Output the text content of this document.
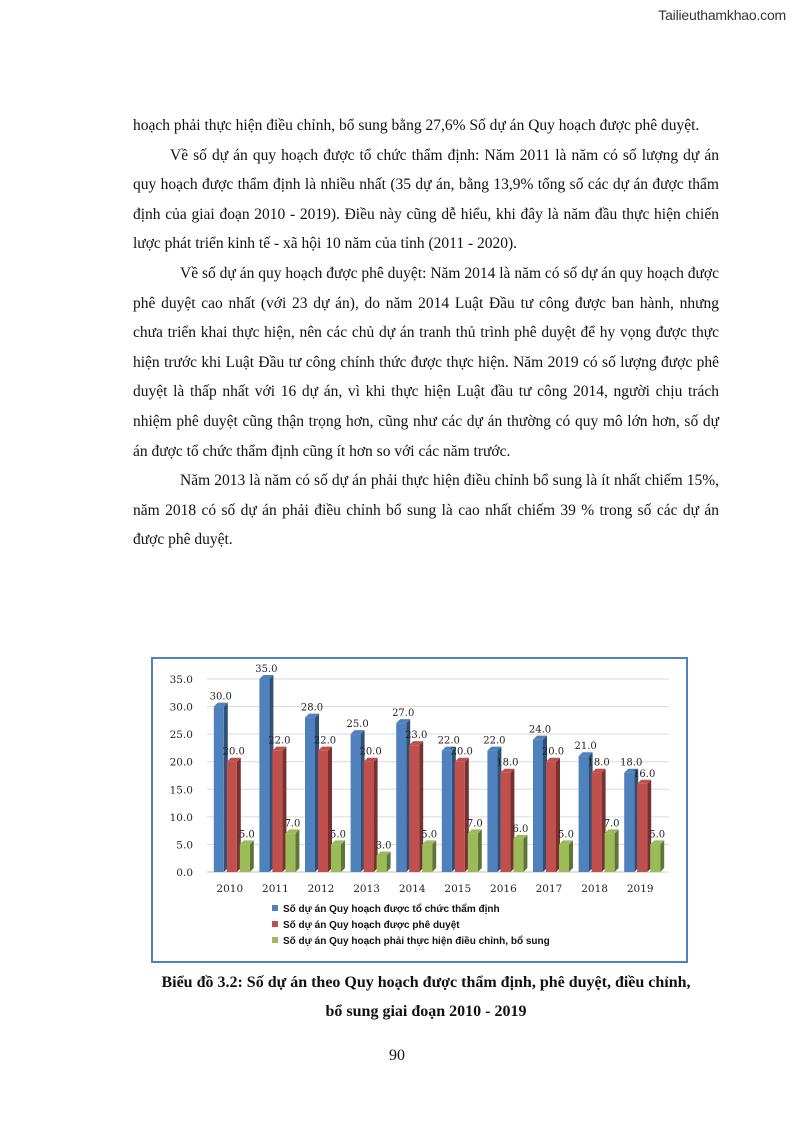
Tailieuthamkhao.com

hoạch phải thực hiện điều chỉnh, bổ sung bằng 27,6% Số dự án Quy hoạch được phê duyệt.

Về số dự án quy hoạch được tổ chức thẩm định: Năm 2011 là năm có số lượng dự án quy hoạch được thẩm định là nhiều nhất (35 dự án, bằng 13,9% tổng số các dự án được thẩm định của giai đoạn 2010 - 2019). Điều này cũng dễ hiểu, khi đây là năm đầu thực hiện chiến lược phát triển kinh tế - xã hội 10 năm của tỉnh (2011 - 2020).

Về số dự án quy hoạch được phê duyệt: Năm 2014 là năm có số dự án quy hoạch được phê duyệt cao nhất (với 23 dự án), do năm 2014 Luật Đầu tư công được ban hành, nhưng chưa triển khai thực hiện, nên các chủ dự án tranh thủ trình phê duyệt để hy vọng được thực hiện trước khi Luật Đầu tư công chính thức được thực hiện. Năm 2019 có số lượng được phê duyệt là thấp nhất với 16 dự án, vì khi thực hiện Luật đầu tư công 2014, người chịu trách nhiệm phê duyệt cũng thận trọng hơn, cũng như các dự án thường có quy mô lớn hơn, số dự án được tổ chức thẩm định cũng ít hơn so với các năm trước.

Năm 2013 là năm có số dự án phải thực hiện điều chỉnh bổ sung là ít nhất chiếm 15%, năm 2018 có số dự án phải điều chỉnh bổ sung là cao nhất chiếm 39 % trong số các dự án được phê duyệt.

0.0
5.0
10.0
15.0
20.0
25.0
30.0
35.0
30.0
20.0
5.0
35.0
22.0
7.0
28.0
22.0
5.0
25.0
20.0
3.0
27.0
23.0
5.0
22.0
20.0
7.0
22.0
18.0
6.0
24.0
20.0
5.0
21.0
18.0
7.0
18.0
16.0
5.0
2010 2011 2012 2013 2014 2015 2016 2017 2018 2019
Số dự án Quy hoạch được tổ chức thẩm định
Số dự án Quy hoạch được phê duyệt
Số dự án Quy hoạch phải thực hiện điều chỉnh, bổ sung
Biểu đồ 3.2: Số dự án theo Quy hoạch được thẩm định, phê duyệt, điều chỉnh,
bổ sung giai đoạn 2010 - 2019
90
